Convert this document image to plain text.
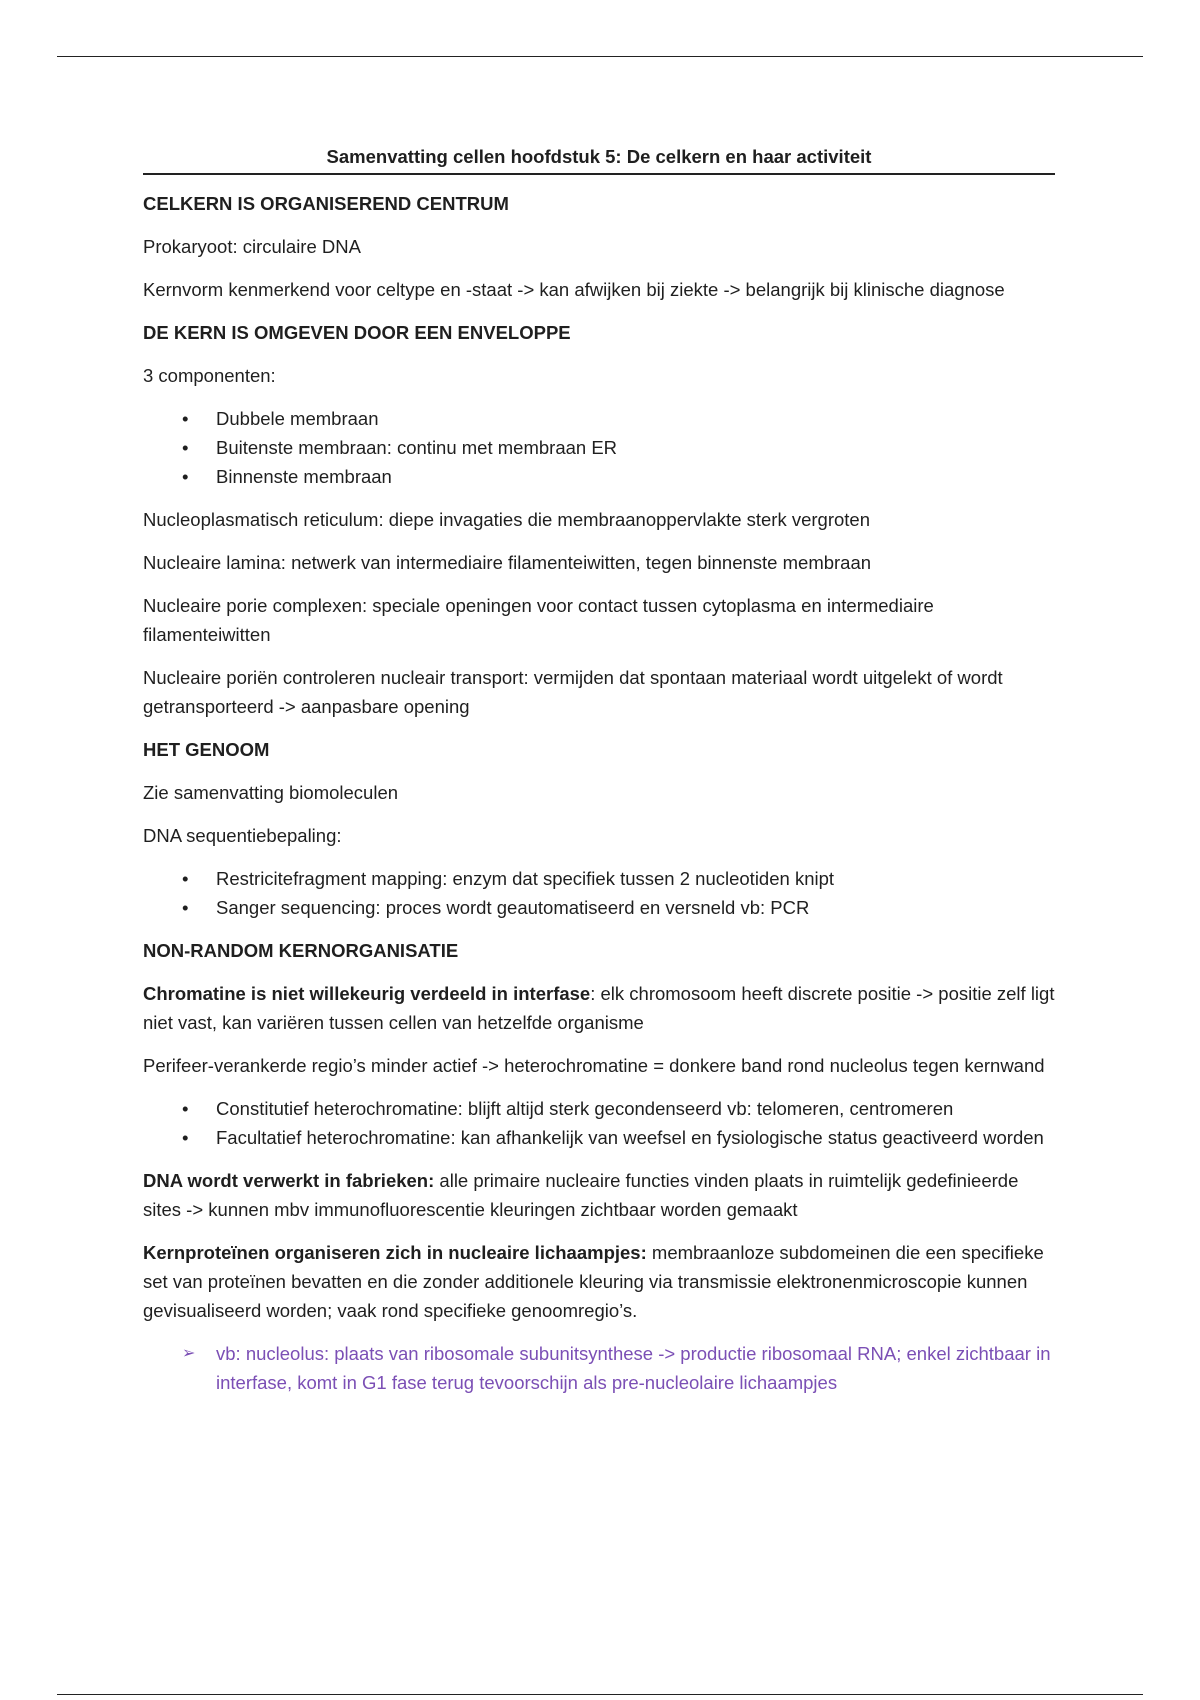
Samenvatting cellen hoofdstuk 5: De celkern en haar activiteit
CELKERN IS ORGANISEREND CENTRUM

Prokaryoot: circulaire DNA

Kernvorm kenmerkend voor celtype en -staat -> kan afwijken bij ziekte -> belangrijk bij klinische diagnose

DE KERN IS OMGEVEN DOOR EEN ENVELOPPE

3 componenten:

• Dubbele membraan
• Buitenste membraan: continu met membraan ER
• Binnenste membraan

Nucleoplasmatisch reticulum: diepe invagaties die membraanoppervlakte sterk vergroten

Nucleaire lamina: netwerk van intermediaire filamenteiwitten, tegen binnenste membraan

Nucleaire porie complexen: speciale openingen voor contact tussen cytoplasma en intermediaire filamenteiwitten

Nucleaire poriën controleren nucleair transport: vermijden dat spontaan materiaal wordt uitgelekt of wordt getransporteerd -> aanpasbare opening

HET GENOOM

Zie samenvatting biomoleculen

DNA sequentiebepaling:

• Restricitefragment mapping: enzym dat specifiek tussen 2 nucleotiden knipt
• Sanger sequencing: proces wordt geautomatiseerd en versneld vb: PCR
NON-RANDOM KERNORGANISATIE

Chromatine is niet willekeurig verdeeld in interfase: elk chromosoom heeft discrete positie -> positie zelf ligt niet vast, kan variëren tussen cellen van hetzelfde organisme

Perifeer-verankerde regio’s minder actief -> heterochromatine = donkere band rond nucleolus tegen kernwand

• Constitutief heterochromatine: blijft altijd sterk gecondenseerd vb: telomeren, centromeren
• Facultatief heterochromatine: kan afhankelijk van weefsel en fysiologische status geactiveerd worden

DNA wordt verwerkt in fabrieken: alle primaire nucleaire functies vinden plaats in ruimtelijk gedefinieerde sites -> kunnen mbv immunofluorescentie kleuringen zichtbaar worden gemaakt

Kernproteïnen organiseren zich in nucleaire lichaampjes: membraanloze subdomeinen die een specifieke set van proteïnen bevatten en die zonder additionele kleuring via transmissie elektronenmicroscopie kunnen gevisualiseerd worden; vaak rond specifieke genoomregio’s.

➢ vb: nucleolus: plaats van ribosomale subunitsynthese -> productie ribosomaal RNA; enkel zichtbaar in interfase, komt in G1 fase terug tevoorschijn als pre-nucleolaire lichaampjes
